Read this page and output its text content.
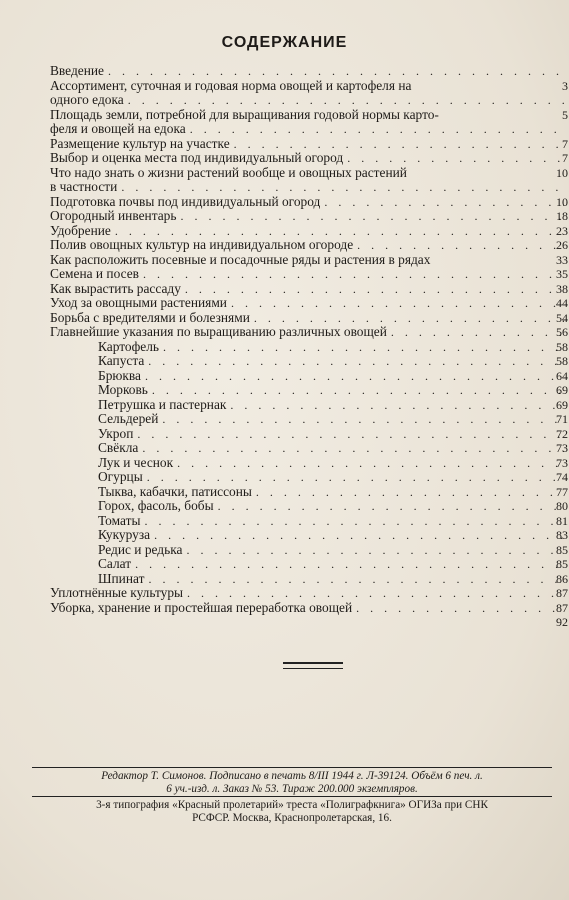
СОДЕРЖАНИЕ
Введение
. . .
Ассортимент, суточная и годовая норма овощей и картофеля на	3
одного едока
. . .
Площадь земли, потребной для выращивания годовой нормы карто-	5
феля и овощей на едока
. . .
Размещение культур на участке . . .	7
Выбор и оценка места под индивидуальный огород . . .	7
Что надо знать о жизни растений вообще и овощных растений	10
в частности
. . .
Подготовка почвы под индивидуальный огород . . .	10
Огородный инвентарь . . .	18
Удобрение . . .	23
Полив овощных культур на индивидуальном огороде . . .	26
Как расположить посевные и посадочные ряды и растения в рядах	33
Семена и посев . . .	35
Как вырастить рассаду . . .	38
Уход за овощными растениями . . .	44
Борьба с вредителями и болезнями . . .	54
Главнейшие указания по выращиванию различных овощей . . .	56
Картофель . . .	58
Капуста . . .	58
Брюква . . .	64
Морковь . . .	69
Петрушка и пастернак . . .	69
Сельдерей . . .	71
Укроп . . .	72
Свёкла . . .	73
Лук и чеснок . . .	73
Огурцы . . .	74
Тыква, кабачки, патиссоны . . .	77
Горох, фасоль, бобы . . .	80
Томаты . . .	81
Кукуруза . . .	83
Редис и редька . . .	85
Салат . . .	85
Шпинат . . .	86
Уплотнённые культуры . . .	87
Уборка, хранение и простейшая переработка овощей . . .	87
92
Редактор Т. Симонов. Подписано в печать 8/III 1944 г. Л-39124. Объём 6 печ. л.
6 уч.-изд. л. Заказ № 53. Тираж 200.000 экземпляров.
3-я типография «Красный пролетарий» треста «Полиграфкнига» ОГИЗа при СНК
РСФСР. Москва, Краснопролетарская, 16.
